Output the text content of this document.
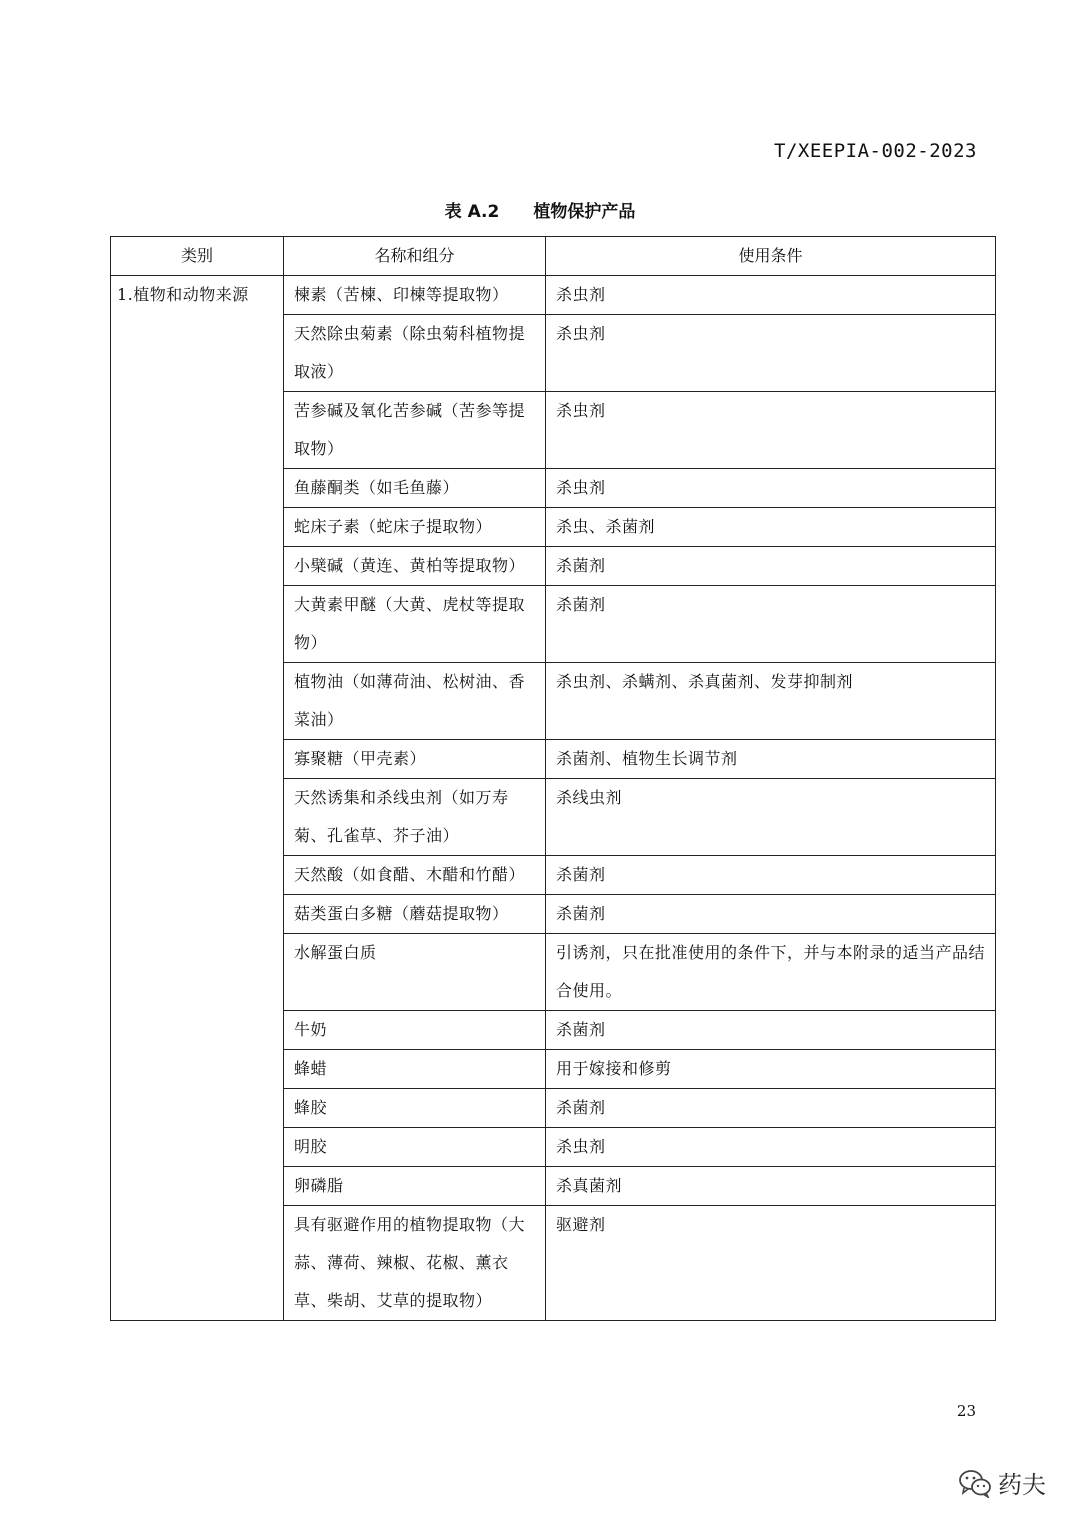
T/XEEPIA-002-2023
表 A.2 植物保护产品
类别	名称和组分	使用条件
1.植物和动物来源	楝素（苦楝、印楝等提取物）	杀虫剂
	天然除虫菊素（除虫菊科植物提取液）	杀虫剂
	苦参碱及氧化苦参碱（苦参等提取物）	杀虫剂
	鱼藤酮类（如毛鱼藤）	杀虫剂
	蛇床子素（蛇床子提取物）	杀虫、杀菌剂
	小檗碱（黄连、黄柏等提取物）	杀菌剂
	大黄素甲醚（大黄、虎杖等提取物）	杀菌剂
	植物油（如薄荷油、松树油、香菜油）	杀虫剂、杀螨剂、杀真菌剂、发芽抑制剂
	寡聚糖（甲壳素）	杀菌剂、植物生长调节剂
	天然诱集和杀线虫剂（如万寿菊、孔雀草、芥子油）	杀线虫剂
	天然酸（如食醋、木醋和竹醋）	杀菌剂
	菇类蛋白多糖（蘑菇提取物）	杀菌剂
	水解蛋白质	引诱剂，只在批准使用的条件下，并与本附录的适当产品结合使用。
	牛奶	杀菌剂
	蜂蜡	用于嫁接和修剪
	蜂胶	杀菌剂
	明胶	杀虫剂
	卵磷脂	杀真菌剂
	具有驱避作用的植物提取物（大蒜、薄荷、辣椒、花椒、薰衣草、柴胡、艾草的提取物）	驱避剂
23
药夫
